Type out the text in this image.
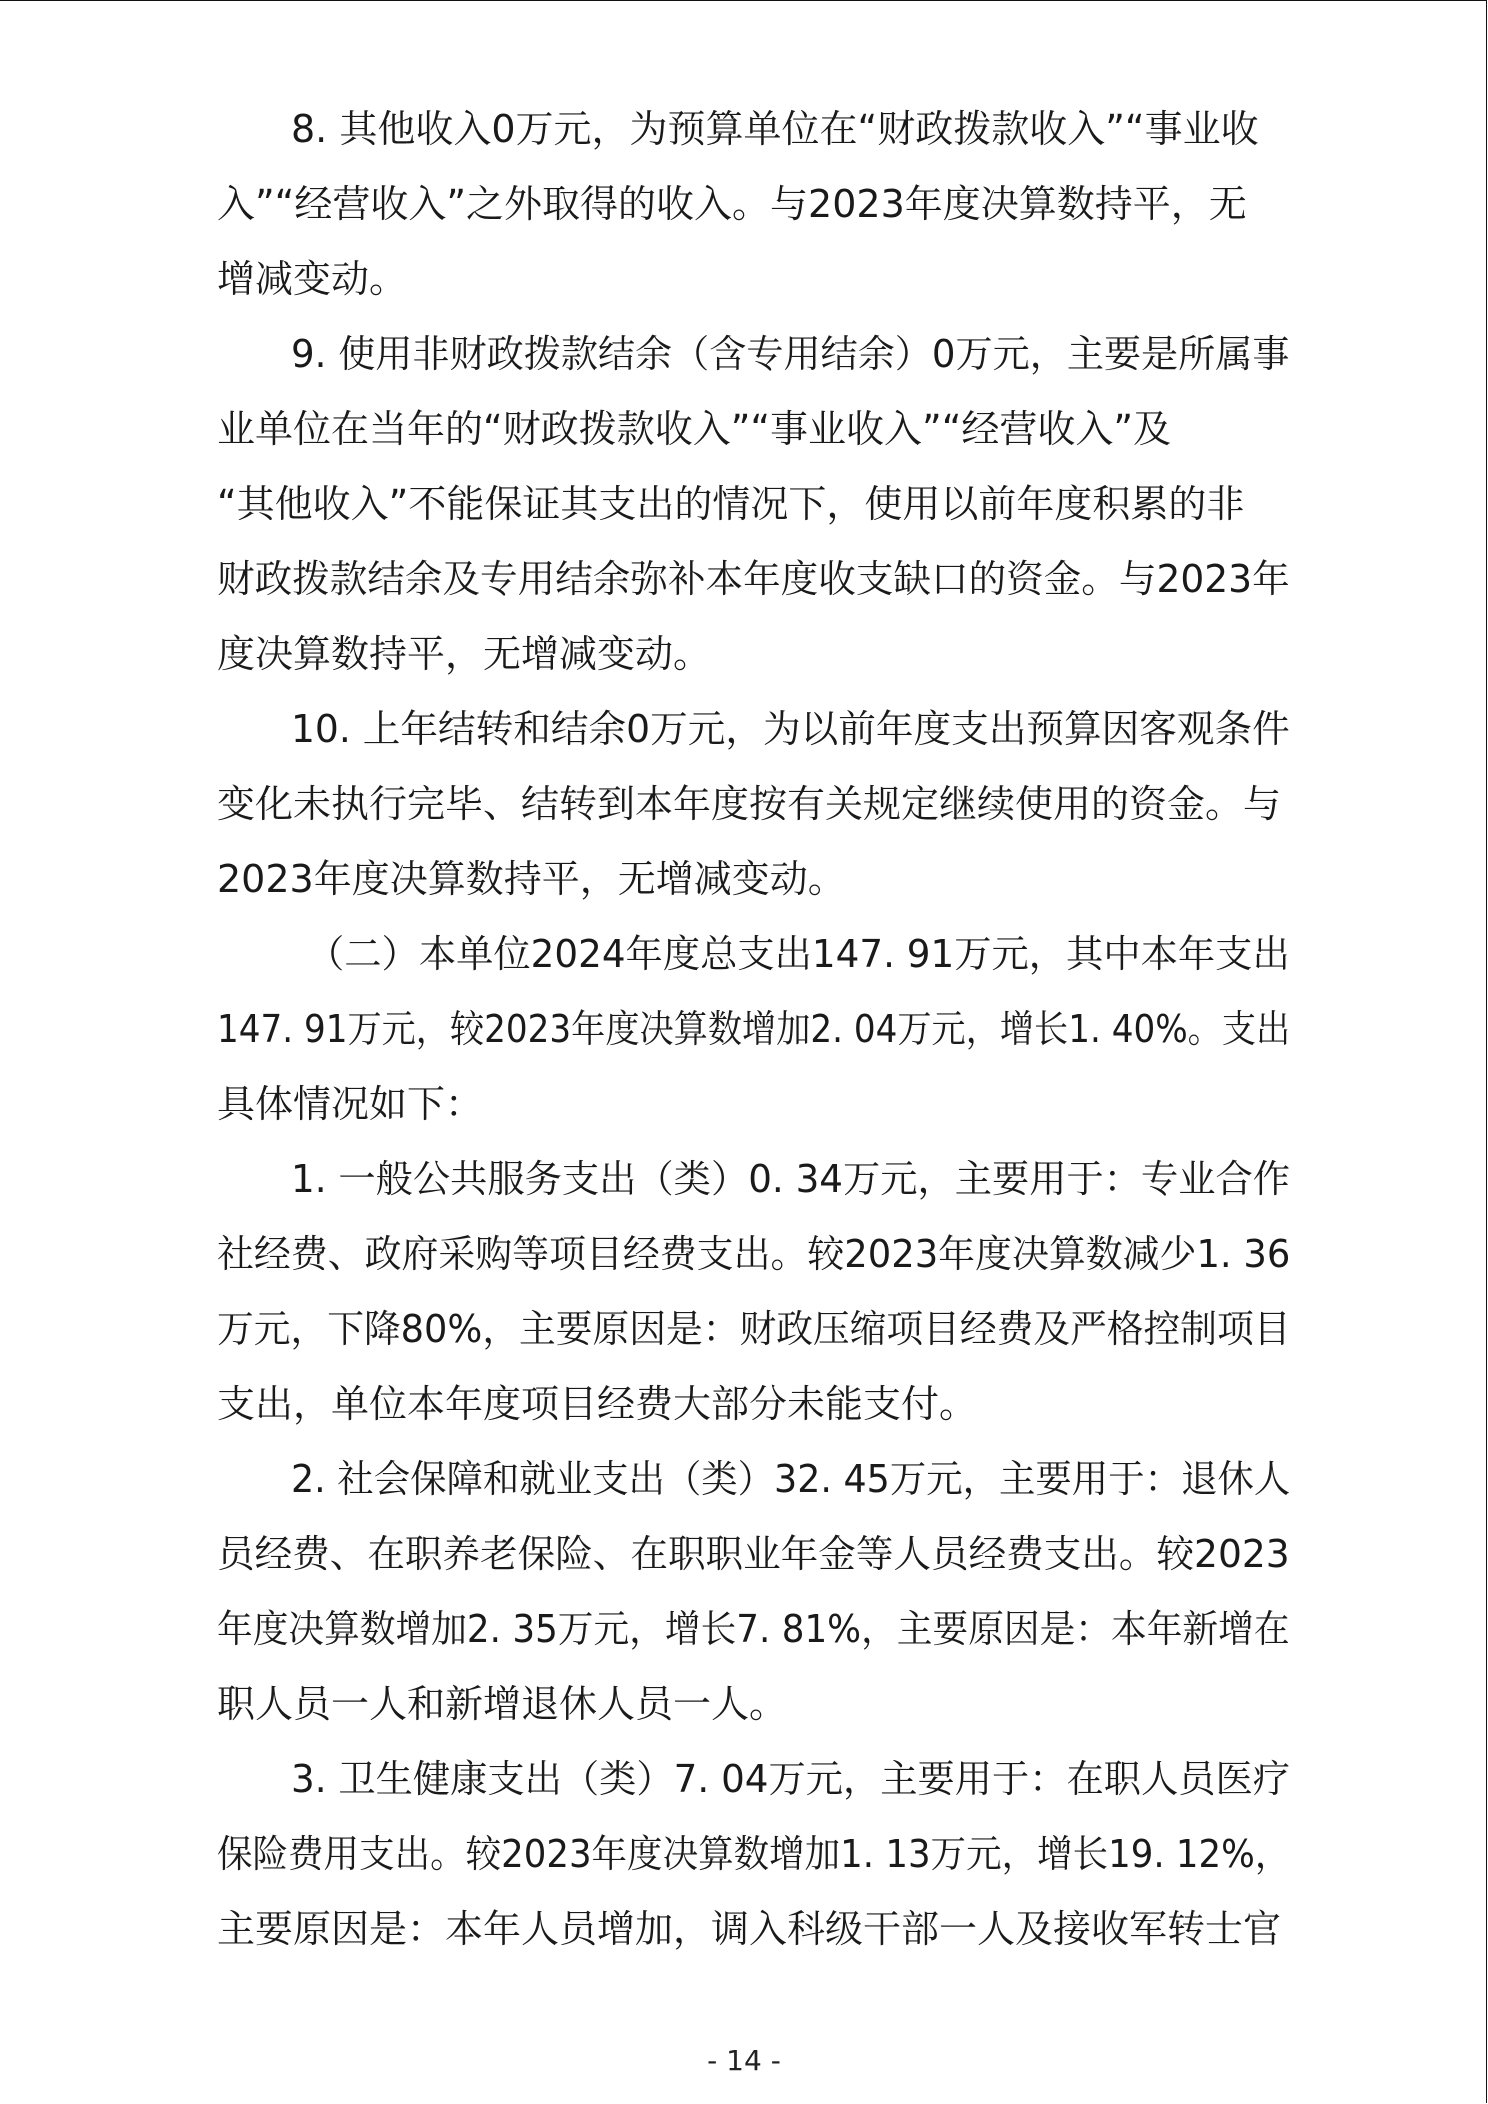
8. 其他收入0万元，为预算单位在“财政拨款收入”“事业收

入”“经营收入”之外取得的收入。与2023年度决算数持平，无

增减变动。

9. 使用非财政拨款结余（含专用结余）0万元，主要是所属事

业单位在当年的“财政拨款收入”“事业收入”“经营收入”及

“其他收入”不能保证其支出的情况下，使用以前年度积累的非

财政拨款结余及专用结余弥补本年度收支缺口的资金。与2023年

度决算数持平，无增减变动。

10. 上年结转和结余0万元，为以前年度支出预算因客观条件

变化未执行完毕、结转到本年度按有关规定继续使用的资金。与

2023年度决算数持平，无增减变动。

（二）本单位2024年度总支出147. 91万元，其中本年支出

147. 91万元，较2023年度决算数增加2. 04万元，增长1. 40%。支出

具体情况如下：

1. 一般公共服务支出（类）0. 34万元，主要用于：专业合作

社经费、政府采购等项目经费支出。较2023年度决算数减少1. 36

万元，下降80%，主要原因是：财政压缩项目经费及严格控制项目

支出，单位本年度项目经费大部分未能支付。

2. 社会保障和就业支出（类）32. 45万元，主要用于：退休人

员经费、在职养老保险、在职职业年金等人员经费支出。较2023

年度决算数增加2. 35万元，增长7. 81%，主要原因是：本年新增在

职人员一人和新增退休人员一人。

3. 卫生健康支出（类）7. 04万元，主要用于：在职人员医疗

保险费用支出。较2023年度决算数增加1. 13万元，增长19. 12%，

主要原因是：本年人员增加，调入科级干部一人及接收军转士官

- 14 -
